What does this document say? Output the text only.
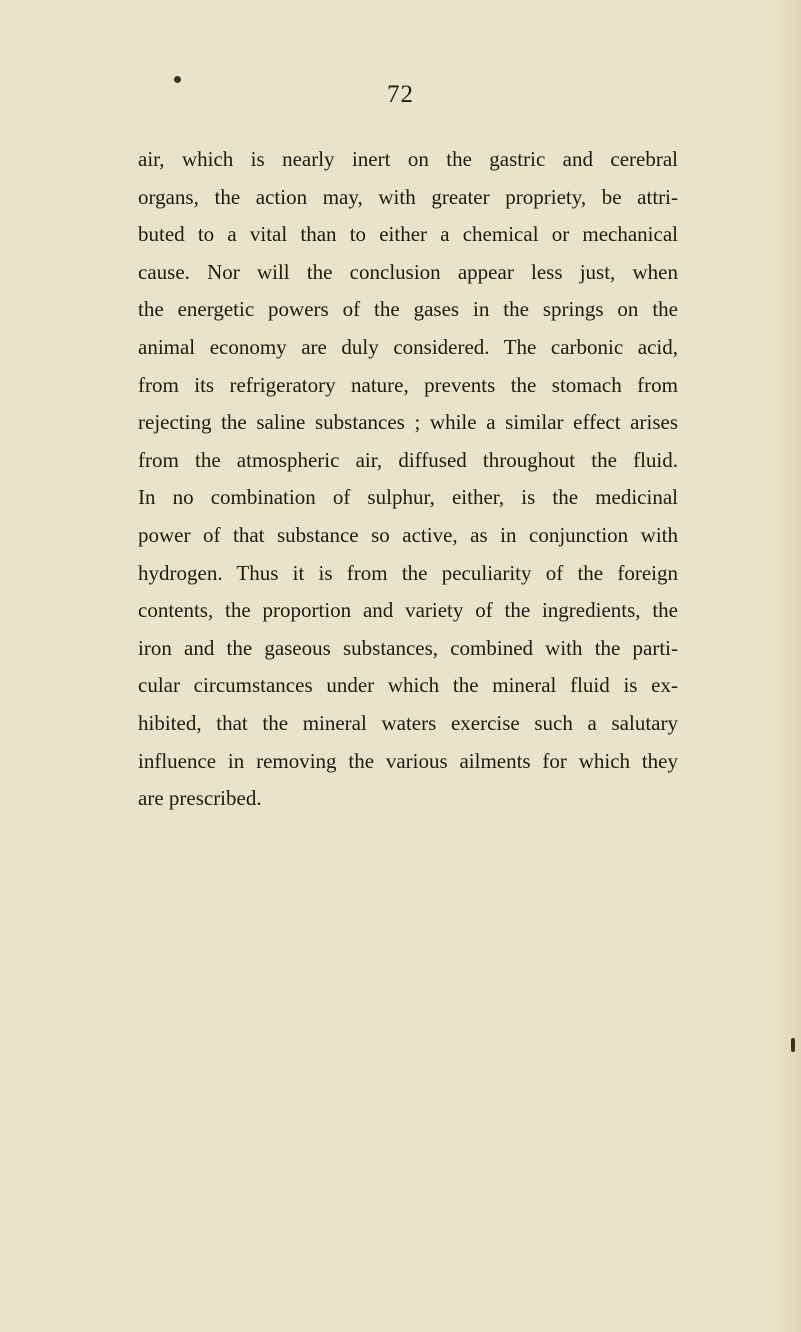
72
air, which is nearly inert on the gastric and cerebral
organs, the action may, with greater propriety, be attri-
buted to a vital than to either a chemical or mechanical
cause. Nor will the conclusion appear less just, when
the energetic powers of the gases in the springs on the
animal economy are duly considered. The carbonic acid,
from its refrigeratory nature, prevents the stomach from
rejecting the saline substances ; while a similar effect arises
from the atmospheric air, diffused throughout the fluid.
In no combination of sulphur, either, is the medicinal
power of that substance so active, as in conjunction with
hydrogen. Thus it is from the peculiarity of the foreign
contents, the proportion and variety of the ingredients, the
iron and the gaseous substances, combined with the parti-
cular circumstances under which the mineral fluid is ex-
hibited, that the mineral waters exercise such a salutary
influence in removing the various ailments for which they
are prescribed.
